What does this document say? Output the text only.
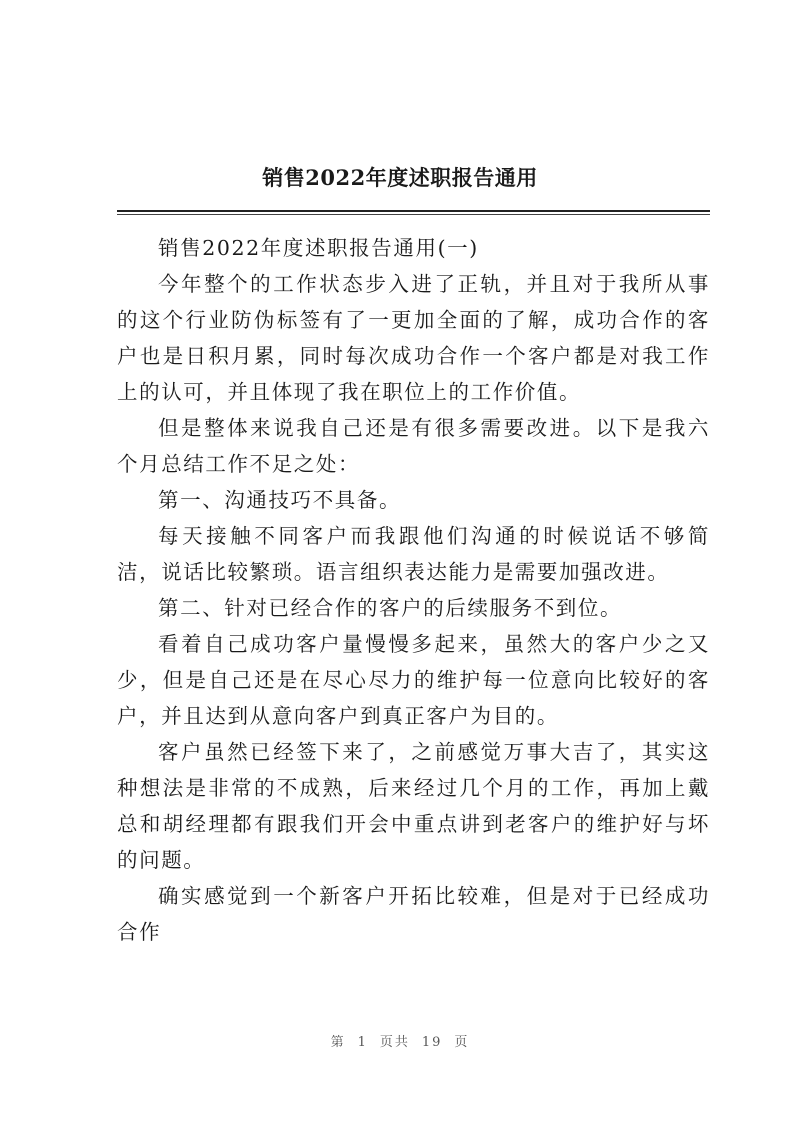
销售2022年度述职报告通用

销售2022年度述职报告通用(一)

今年整个的工作状态步入进了正轨，并且对于我所从事的这个行业防伪标签有了一更加全面的了解，成功合作的客户也是日积月累，同时每次成功合作一个客户都是对我工作上的认可，并且体现了我在职位上的工作价值。

但是整体来说我自己还是有很多需要改进。以下是我六个月总结工作不足之处：

第一、沟通技巧不具备。

每天接触不同客户而我跟他们沟通的时候说话不够简洁，说话比较繁琐。语言组织表达能力是需要加强改进。

第二、针对已经合作的客户的后续服务不到位。

看着自己成功客户量慢慢多起来，虽然大的客户少之又少，但是自己还是在尽心尽力的维护每一位意向比较好的客户，并且达到从意向客户到真正客户为目的。

客户虽然已经签下来了，之前感觉万事大吉了，其实这种想法是非常的不成熟，后来经过几个月的工作，再加上戴总和胡经理都有跟我们开会中重点讲到老客户的维护好与坏的问题。

确实感觉到一个新客户开拓比较难，但是对于已经成功合作

第 1 页共 19 页
